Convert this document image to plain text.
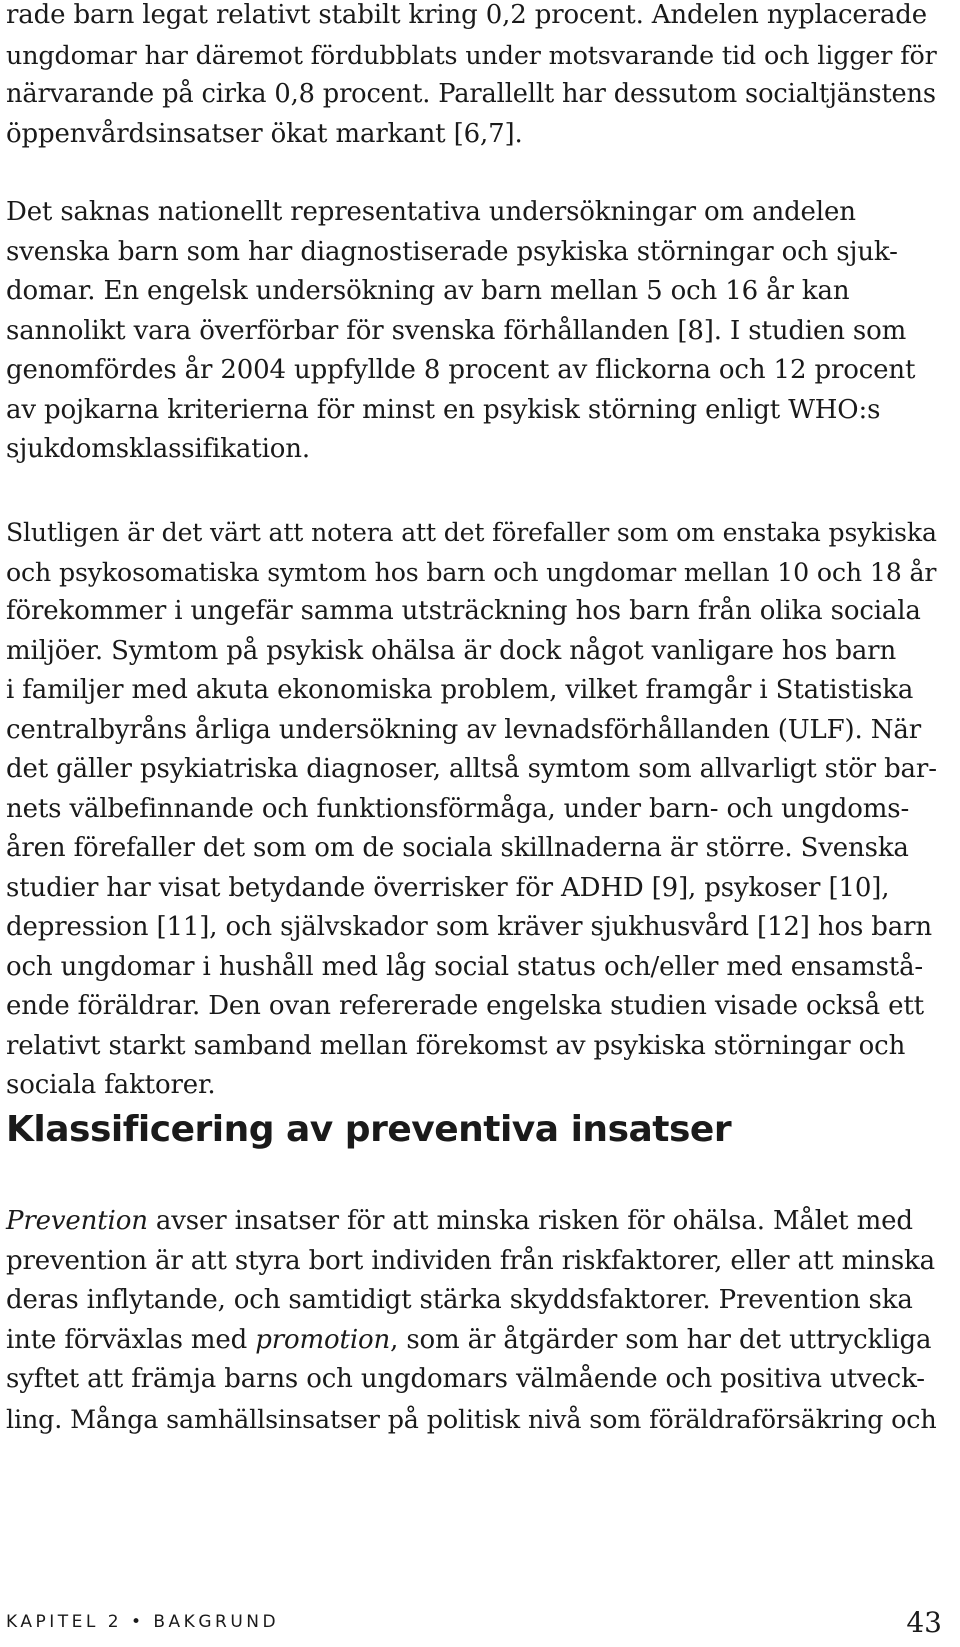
rade barn legat relativt stabilt kring 0,2 procent. Andelen nyplacerade
ungdomar har däremot fördubblats under motsvarande tid och ligger för
närvarande på cirka 0,8 procent. Parallellt har dessutom socialtjänstens
öppenvårdsinsatser ökat markant [6,7].

Det saknas nationellt representativa undersökningar om andelen
svenska barn som har diagnostiserade psykiska störningar och sjuk-
domar. En engelsk undersökning av barn mellan 5 och 16 år kan
sannolikt vara överförbar för svenska förhållanden [8]. I studien som
genomfördes år 2004 uppfyllde 8 procent av flickorna och 12 procent
av pojkarna kriterierna för minst en psykisk störning enligt WHO:s
sjukdomsklassifikation.

Slutligen är det värt att notera att det förefaller som om enstaka psykiska
och psykosomatiska symtom hos barn och ungdomar mellan 10 och 18 år
förekommer i ungefär samma utsträckning hos barn från olika sociala
miljöer. Symtom på psykisk ohälsa är dock något vanligare hos barn
i familjer med akuta ekonomiska problem, vilket framgår i Statistiska
centralbyråns årliga undersökning av levnadsförhållanden (ULF). När
det gäller psykiatriska diagnoser, alltså symtom som allvarligt stör bar-
nets välbefinnande och funktionsförmåga, under barn- och ungdoms-
åren förefaller det som om de sociala skillnaderna är större. Svenska
studier har visat betydande överrisker för ADHD [9], psykoser [10],
depression [11], och självskador som kräver sjukhusvård [12] hos barn
och ungdomar i hushåll med låg social status och/eller med ensamstå-
ende föräldrar. Den ovan refererade engelska studien visade också ett
relativt starkt samband mellan förekomst av psykiska störningar och
sociala faktorer.

Klassificering av preventiva insatser

Prevention avser insatser för att minska risken för ohälsa. Målet med
prevention är att styra bort individen från riskfaktorer, eller att minska
deras inflytande, och samtidigt stärka skyddsfaktorer. Prevention ska
inte förväxlas med promotion, som är åtgärder som har det uttryckliga
syftet att främja barns och ungdomars välmående och positiva utveck-
ling. Många samhällsinsatser på politisk nivå som föräldraförsäkring och

KAPITEL 2 • BAKGRUND	43
